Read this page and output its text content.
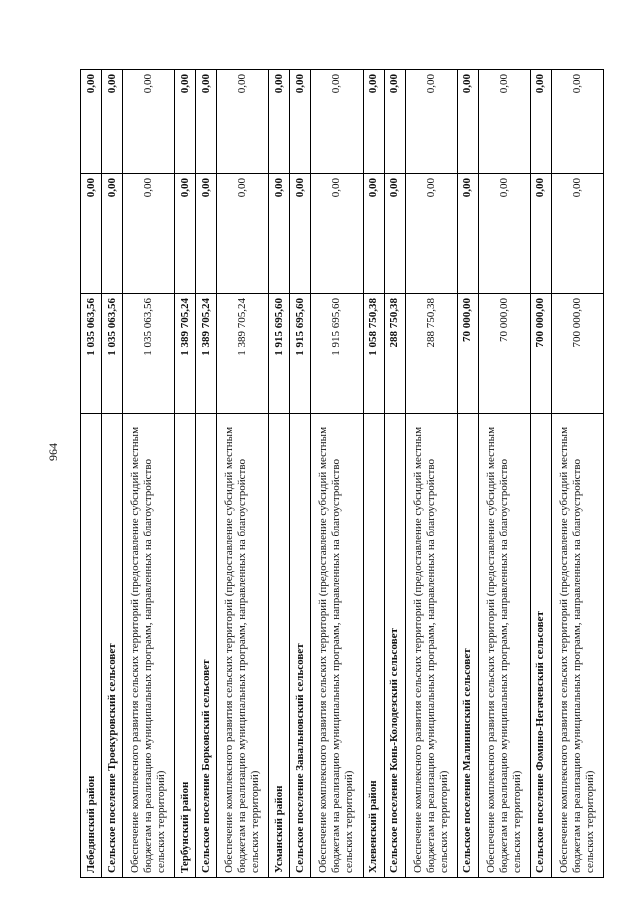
964
Лебедянский район	1 035 063,56	0,00	0,00
Сельское поселение Троекуровский сельсовет	1 035 063,56	0,00	0,00
Обеспечение комплексного развития сельских территорий (предоставление субсидий местным бюджетам на реализацию муниципальных программ, направленных на благоустройство сельских территорий)	1 035 063,56	0,00	0,00
Тербунский район	1 389 705,24	0,00	0,00
Сельское поселение Борковский сельсовет	1 389 705,24	0,00	0,00
Обеспечение комплексного развития сельских территорий (предоставление субсидий местным бюджетам на реализацию муниципальных программ, направленных на благоустройство сельских территорий)	1 389 705,24	0,00	0,00
Усманский район	1 915 695,60	0,00	0,00
Сельское поселение Завальновский сельсовет	1 915 695,60	0,00	0,00
Обеспечение комплексного развития сельских территорий (предоставление субсидий местным бюджетам на реализацию муниципальных программ, направленных на благоустройство сельских территорий)	1 915 695,60	0,00	0,00
Хлевенский район	1 058 750,38	0,00	0,00
Сельское поселение Конь-Колодезский сельсовет	288 750,38	0,00	0,00
Обеспечение комплексного развития сельских территорий (предоставление субсидий местным бюджетам на реализацию муниципальных программ, направленных на благоустройство сельских территорий)	288 750,38	0,00	0,00
Сельское поселение Малининский сельсовет	70 000,00	0,00	0,00
Обеспечение комплексного развития сельских территорий (предоставление субсидий местным бюджетам на реализацию муниципальных программ, направленных на благоустройство сельских территорий)	70 000,00	0,00	0,00
Сельское поселение Фомино-Негачевский сельсовет	700 000,00	0,00	0,00
Обеспечение комплексного развития сельских территорий (предоставление субсидий местным бюджетам на реализацию муниципальных программ, направленных на благоустройство сельских территорий)	700 000,00	0,00	0,00
